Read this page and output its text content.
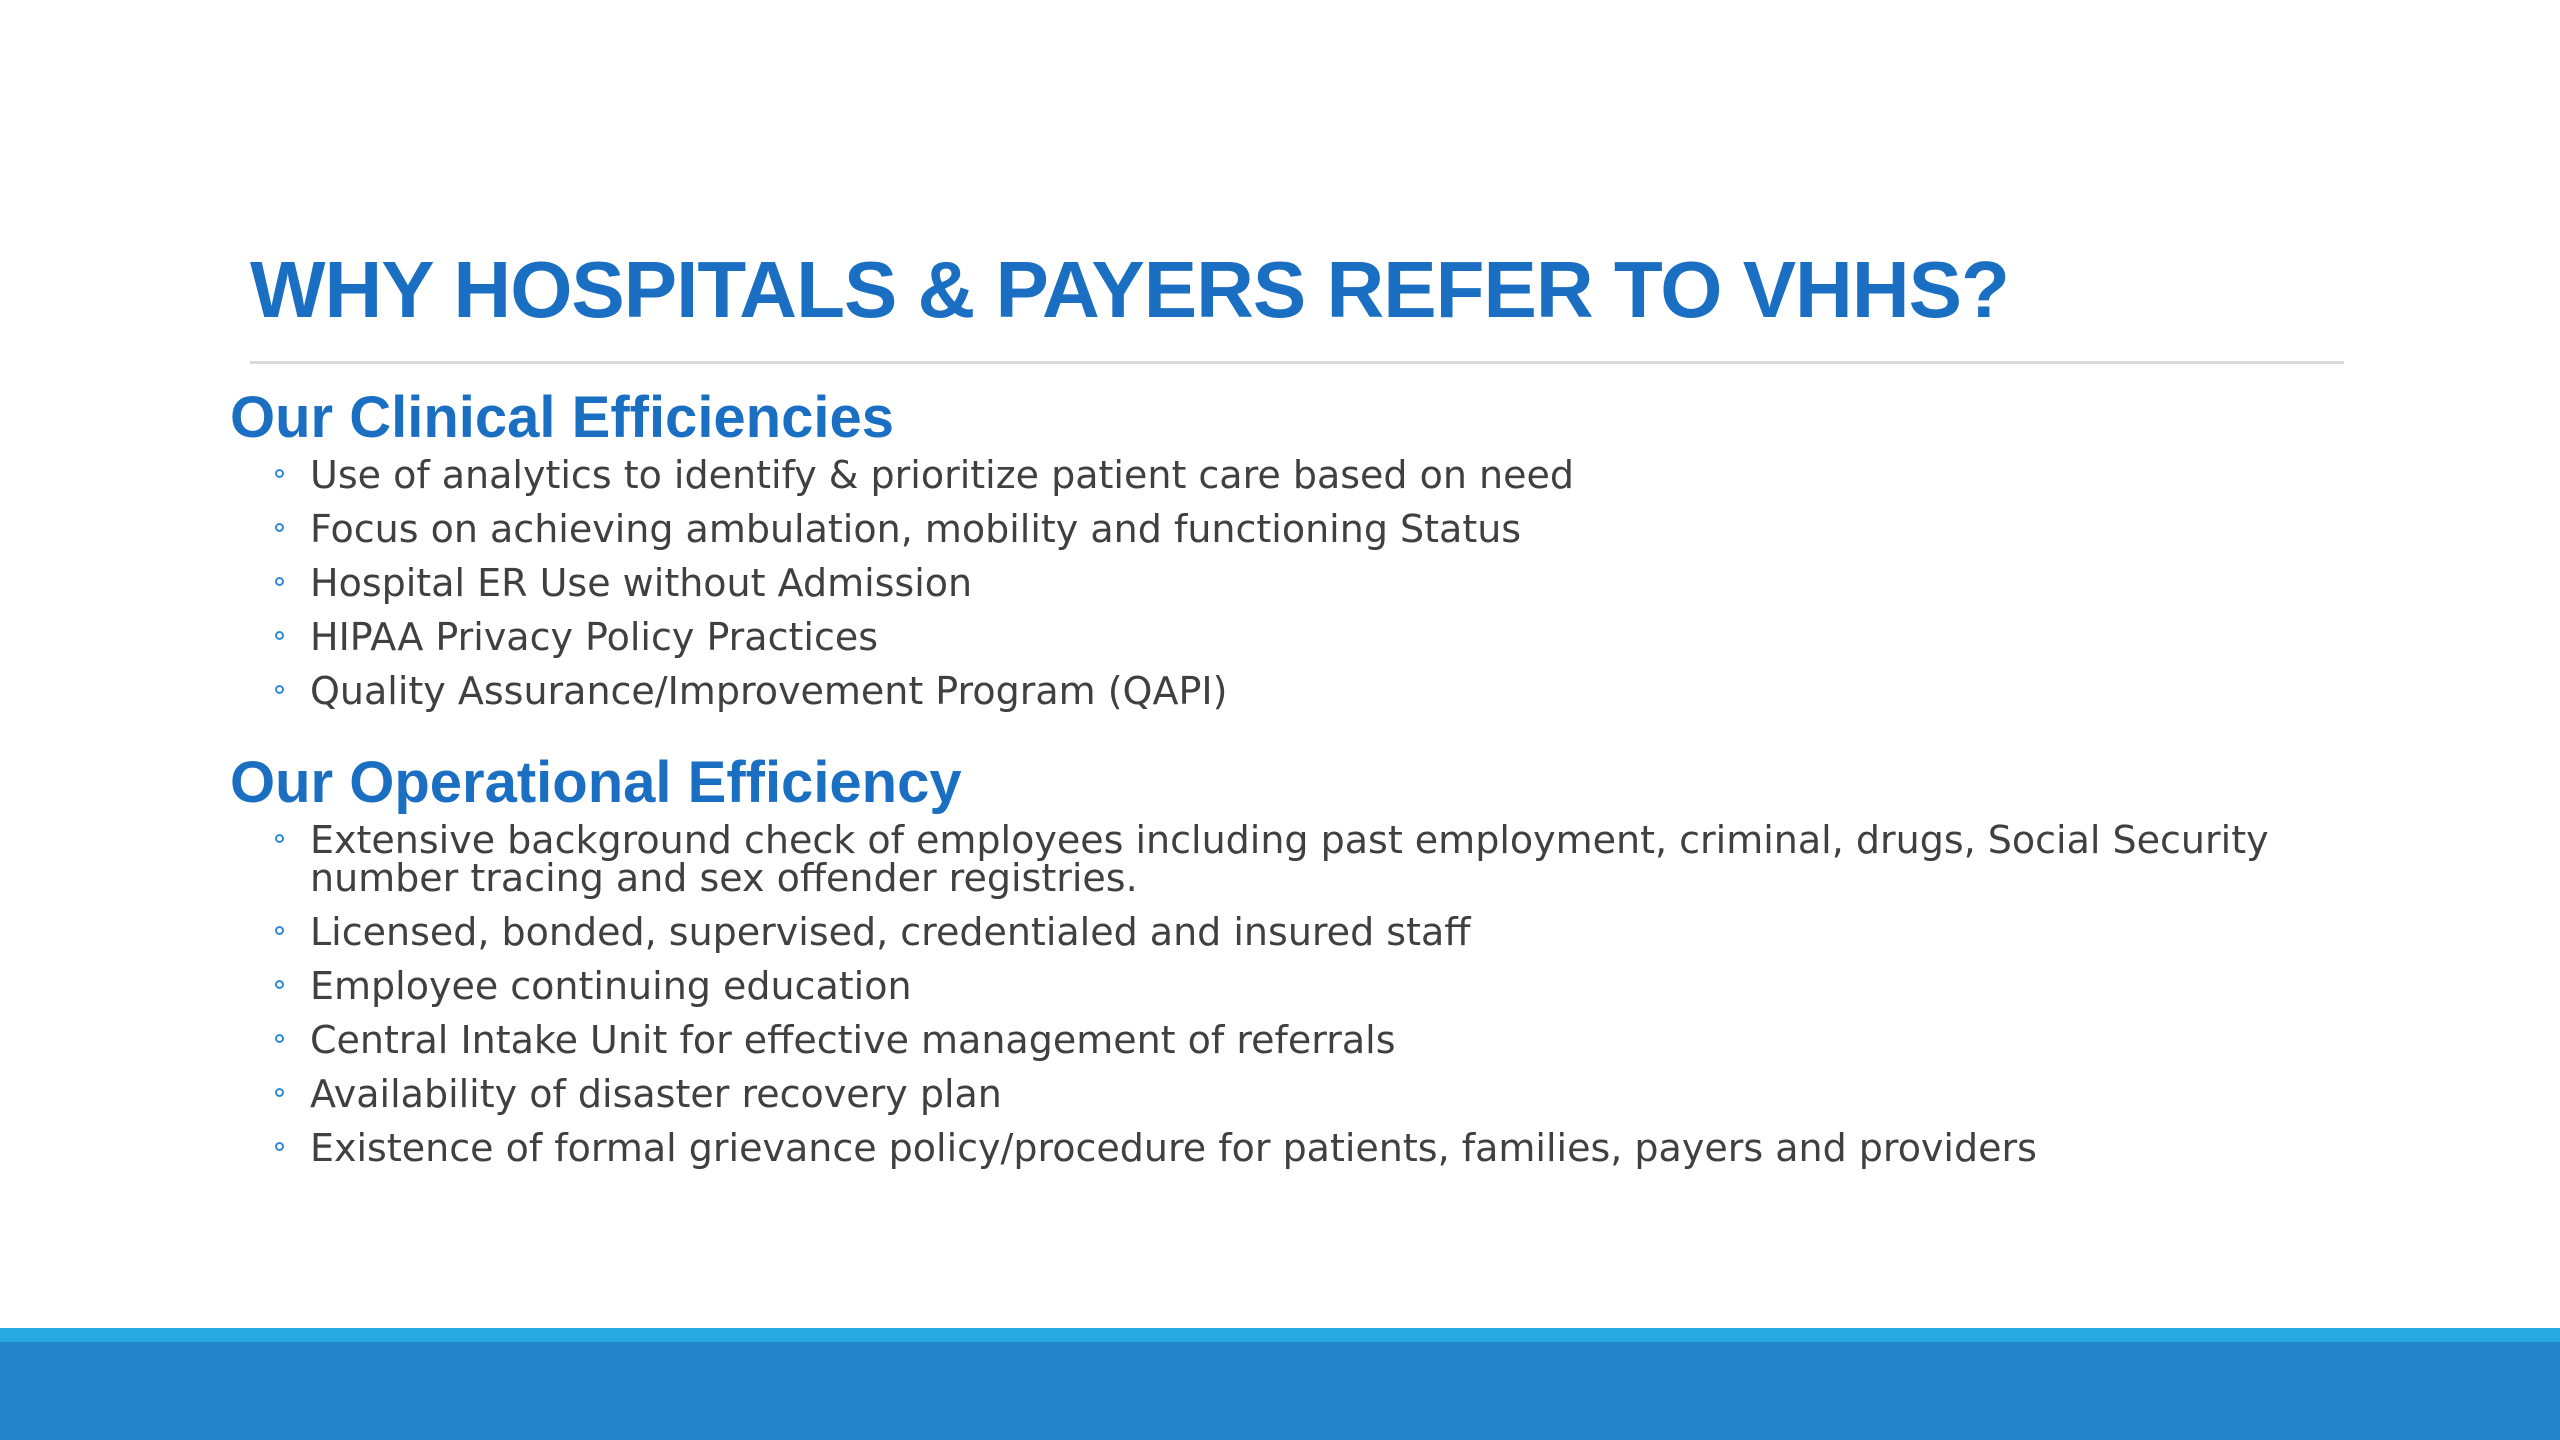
WHY HOSPITALS & PAYERS REFER TO VHHS?
Our Clinical Efficiencies
Use of analytics to identify & prioritize patient care based on need
Focus on achieving ambulation, mobility and functioning Status
Hospital ER Use without Admission
HIPAA Privacy Policy Practices
Quality Assurance/Improvement Program (QAPI)
Our Operational Efficiency
Extensive background check of employees including past employment, criminal, drugs, Social Security number tracing and sex offender registries.
Licensed, bonded, supervised, credentialed and insured staff
Employee continuing education
Central Intake Unit for effective management of referrals
Availability of disaster recovery plan
Existence of formal grievance policy/procedure for patients, families, payers and providers
